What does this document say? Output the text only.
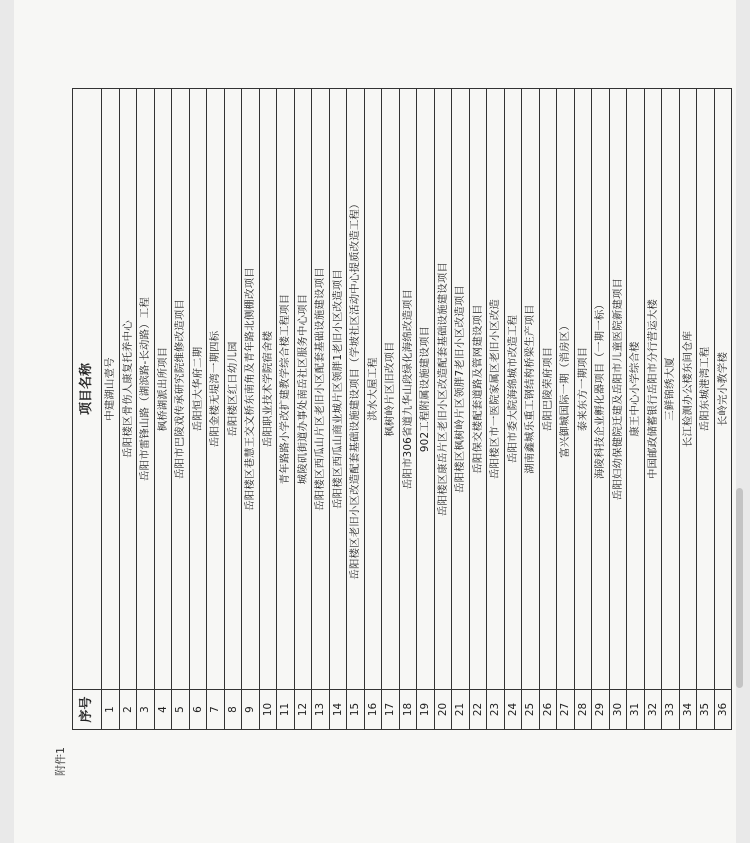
序号	项目名称
1	中建湖山壹号
2	岳阳楼区骨伤人康复托养中心
3	岳阳市雷锋山路（湖滨路-长动路）工程
4	枫桥湖派出所项目
5	岳阳市巴陵戏传承研究院维修改造项目
6	岳阳恒大华府二期
7	岳阳金楼无堤湾一期四标
8	岳阳楼区红日幼儿园
9	岳阳楼区巷慧王交文桥东南角及青年路北侧棚改项目
10	岳阳职业技术学院宿舍楼
11	青年路路小学改扩建教学综合楼工程项目
12	城陵矶街道办事处南岳社区服务中心项目
13	岳阳楼区西瓜山片区老旧小区配套基础设施建设项目
14	岳阳楼区西瓜山商业城片区领胖1老旧小区改造项目
15	岳阳楼区老旧小区改造配套基础设施建设项目（学坡社区活动中心提质改造工程）
16	洪水大屋工程
17	枫树岭片区旧改项目
18	岳阳市306省道九华山段绿化海绵改造项目
19	902工程附属设施建设项目
20	岳阳楼区康岳片区老旧小区改造配套基础设施建设项目
21	岳阳楼区枫树岭片区领胖7老旧小区改造项目
22	岳阳保交楼配套道路及管网建设项目
23	岳阳楼区市一医院家属区老旧小区改造
24	岳阳市委大院海绵城市改造工程
25	湖南鑫城乐重工钢结构桥梁生产项目
26	岳阳巴陵荣府项目
27	富兴御城国际一期（消房区）
28	泰来东方一期项目
29	海陵科技企业孵化器项目（一期一标）
30	岳阳妇幼保健院迁建及岳阳市儿童医院新建项目
31	康王中心小学综合楼
32	中国邮政储蓄银行岳阳市分行营运大楼
33	三鲜锦绣大厦
34	长江检测办公楼东间仓库
35	岳阳东城港湾工程
36	长岭完小教学楼
附件1
